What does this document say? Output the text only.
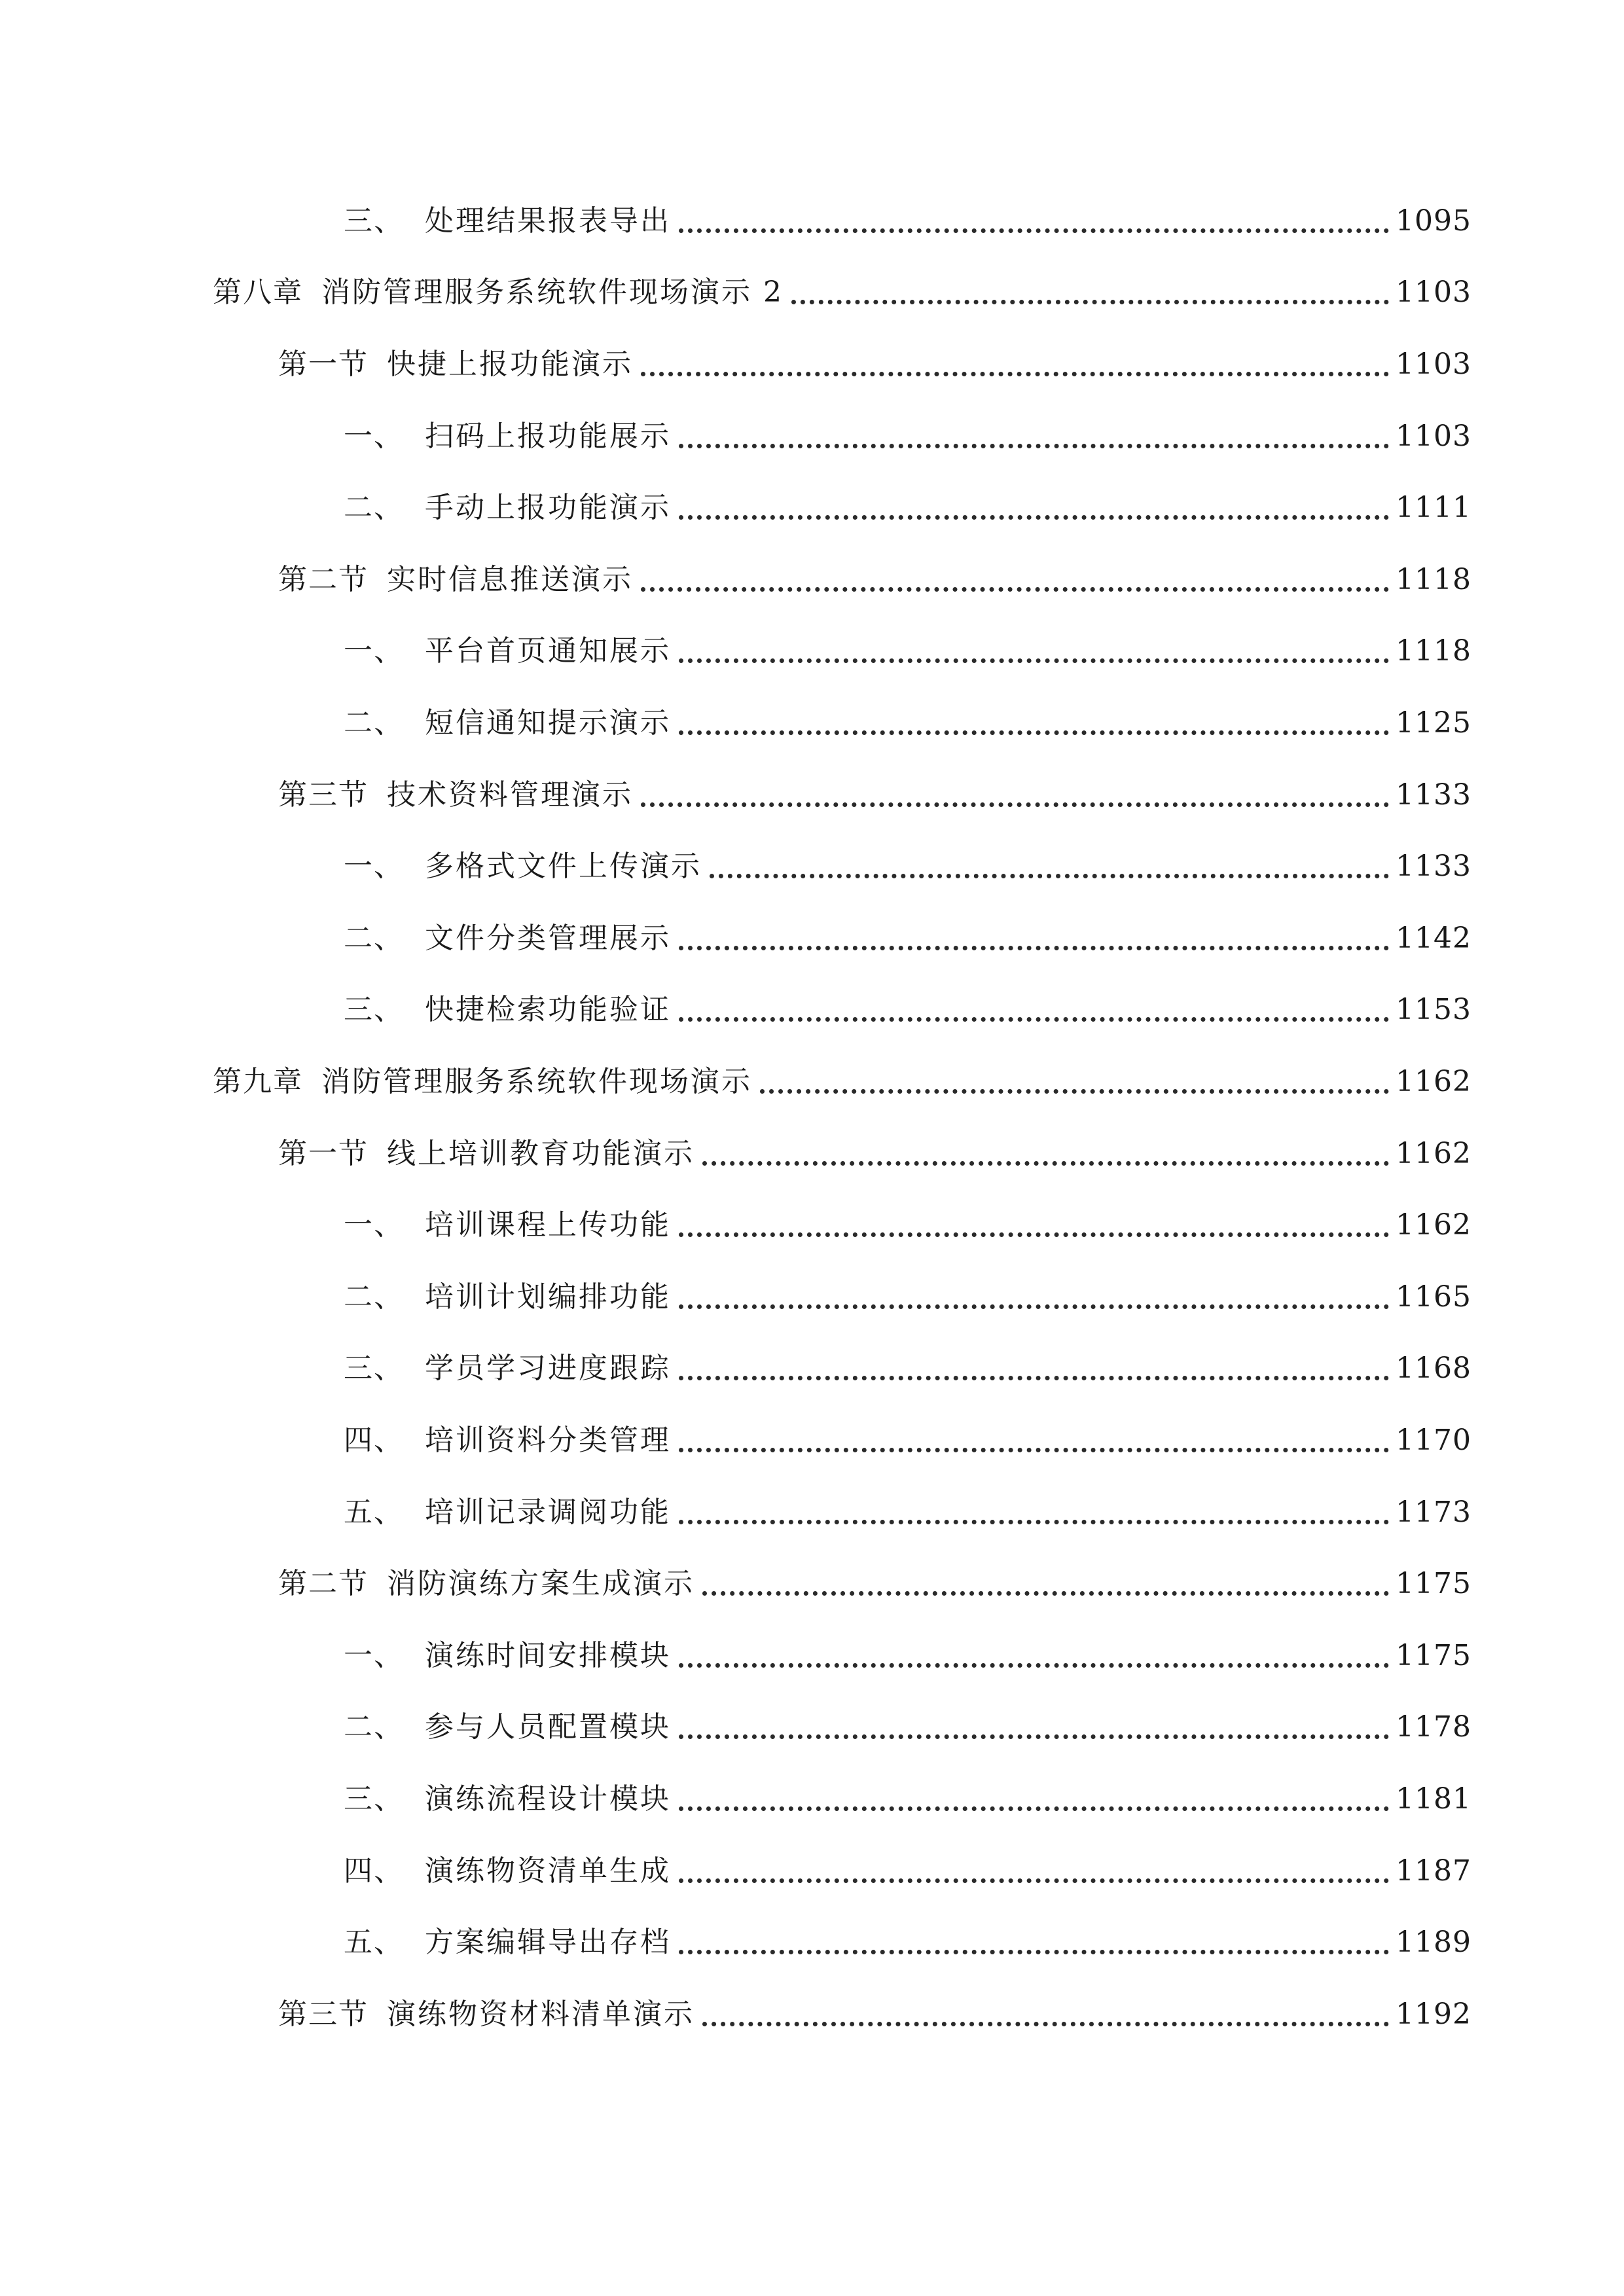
三、 处理结果报表导出	1095
第八章 消防管理服务系统软件现场演示 2	1103
第一节 快捷上报功能演示	1103
一、 扫码上报功能展示	1103
二、 手动上报功能演示	1111
第二节 实时信息推送演示	1118
一、 平台首页通知展示	1118
二、 短信通知提示演示	1125
第三节 技术资料管理演示	1133
一、 多格式文件上传演示	1133
二、 文件分类管理展示	1142
三、 快捷检索功能验证	1153
第九章 消防管理服务系统软件现场演示	1162
第一节 线上培训教育功能演示	1162
一、 培训课程上传功能	1162
二、 培训计划编排功能	1165
三、 学员学习进度跟踪	1168
四、 培训资料分类管理	1170
五、 培训记录调阅功能	1173
第二节 消防演练方案生成演示	1175
一、 演练时间安排模块	1175
二、 参与人员配置模块	1178
三、 演练流程设计模块	1181
四、 演练物资清单生成	1187
五、 方案编辑导出存档	1189
第三节 演练物资材料清单演示	1192
